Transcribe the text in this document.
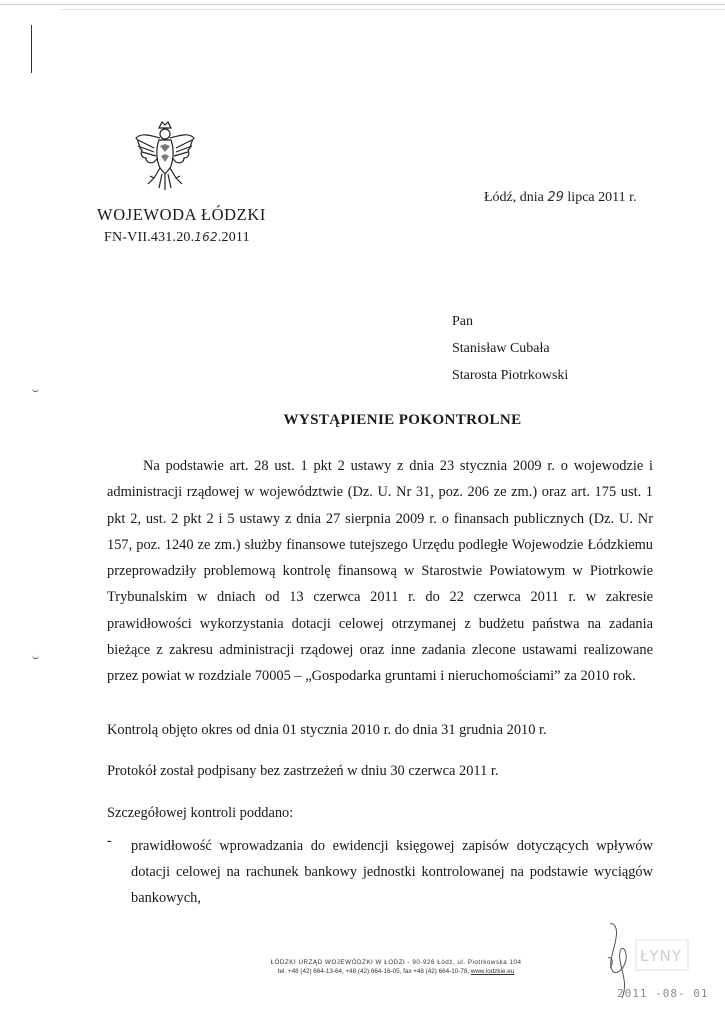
WOJEWODA ŁÓDZKI
FN-VII.431.20.162.2011
Łódź, dnia 29 lipca 2011 r.
Pan
Stanisław Cubała
Starosta Piotrkowski
WYSTĄPIENIE POKONTROLNE

Na podstawie art. 28 ust. 1 pkt 2 ustawy z dnia 23 stycznia 2009 r. o wojewodzie i administracji rządowej w województwie (Dz. U. Nr 31, poz. 206 ze zm.) oraz art. 175 ust. 1 pkt 2, ust. 2 pkt 2 i 5 ustawy z dnia 27 sierpnia 2009 r. o finansach publicznych (Dz. U. Nr 157, poz. 1240 ze zm.) służby finansowe tutejszego Urzędu podległe Wojewodzie Łódzkiemu przeprowadziły problemową kontrolę finansową w Starostwie Powiatowym w Piotrkowie Trybunalskim w dniach od 13 czerwca 2011 r. do 22 czerwca 2011 r. w zakresie prawidłowości wykorzystania dotacji celowej otrzymanej z budżetu państwa na zadania bieżące z zakresu administracji rządowej oraz inne zadania zlecone ustawami realizowane przez powiat w rozdziale 70005 – „Gospodarka gruntami i nieruchomościami” za 2010 rok.

Kontrolą objęto okres od dnia 01 stycznia 2010 r. do dnia 31 grudnia 2010 r.

Protokół został podpisany bez zastrzeżeń w dniu 30 czerwca 2011 r.

Szczegółowej kontroli poddano:

- prawidłowość wprowadzania do ewidencji księgowej zapisów dotyczących wpływów dotacji celowej na rachunek bankowy jednostki kontrolowanej na podstawie wyciągów bankowych,

ŁÓDZKI URZĄD WOJEWÓDZKI W ŁODZI - 90-926 Łódź, ul. Piotrkowska 104
tel. +48 (42) 664-13-64, +48 (42) 664-16-05, fax +48 (42) 664-10-78, www.lodzkie.eu
ŁYNY
2011 -08- 01
